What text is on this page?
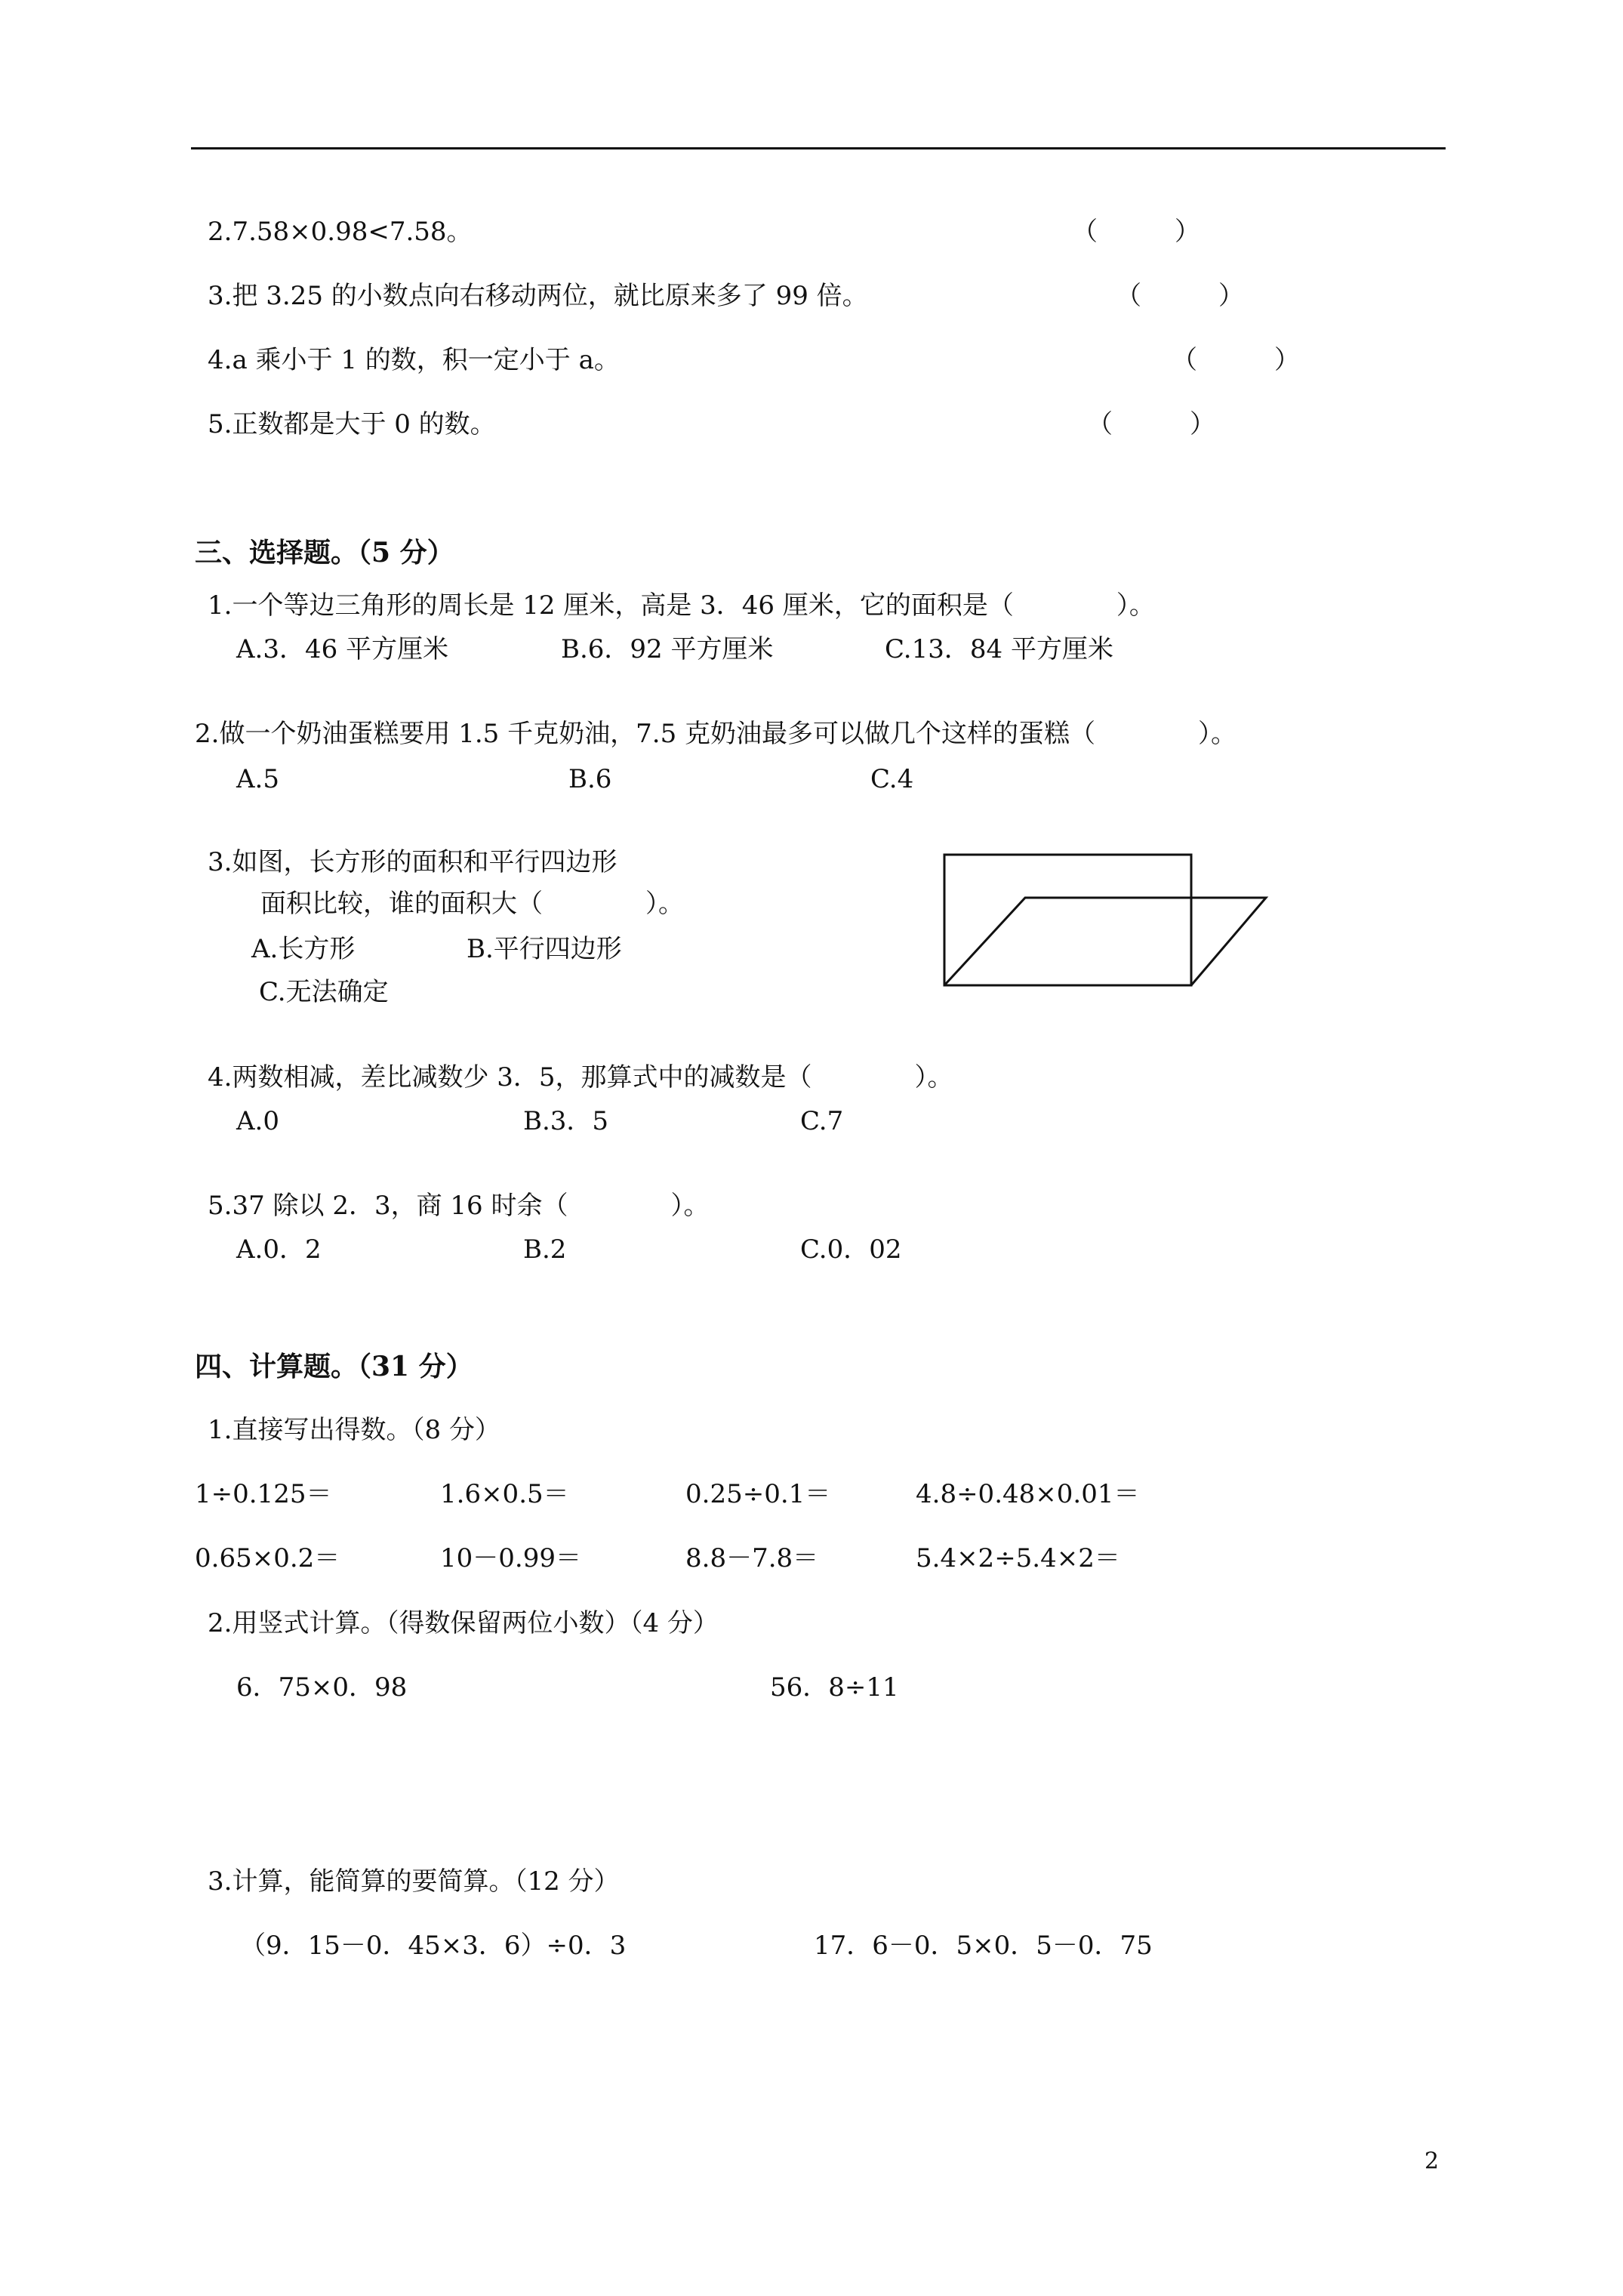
2.7.58×0.98<7.58。	（　　　）
3.把 3.25 的小数点向右移动两位，就比原来多了 99 倍。	（　　　）
4.a 乘小于 1 的数，积一定小于 a。	（　　　）
5.正数都是大于 0 的数。	（　　　）
三、选择题。（5 分）
1.一个等边三角形的周长是 12 厘米，高是 3．46 厘米，它的面积是（　　　　）。
A.3．46 平方厘米	B.6．92 平方厘米	C.13．84 平方厘米
2.做一个奶油蛋糕要用 1.5 千克奶油，7.5 克奶油最多可以做几个这样的蛋糕（　　　　）。
A.5	B.6	C.4
3.如图，长方形的面积和平行四边形
面积比较，谁的面积大（　　　　）。
A.长方形	B.平行四边形
C.无法确定
4.两数相减，差比减数少 3．5，那算式中的减数是（　　　　）。
A.0	B.3．5	C.7
5.37 除以 2．3，商 16 时余（　　　　）。
A.0．2	B.2	C.0．02
四、计算题。（31 分）
1.直接写出得数。（8 分）
1÷0.125＝	1.6×0.5＝	0.25÷0.1＝	4.8÷0.48×0.01＝
0.65×0.2＝	10－0.99＝	8.8－7.8＝	5.4×2÷5.4×2＝
2.用竖式计算。（得数保留两位小数）（4 分）
6．75×0．98	56．8÷11
3.计算，能简算的要简算。（12 分）
（9．15－0．45×3．6）÷0．3	17．6－0．5×0．5－0．75
2
